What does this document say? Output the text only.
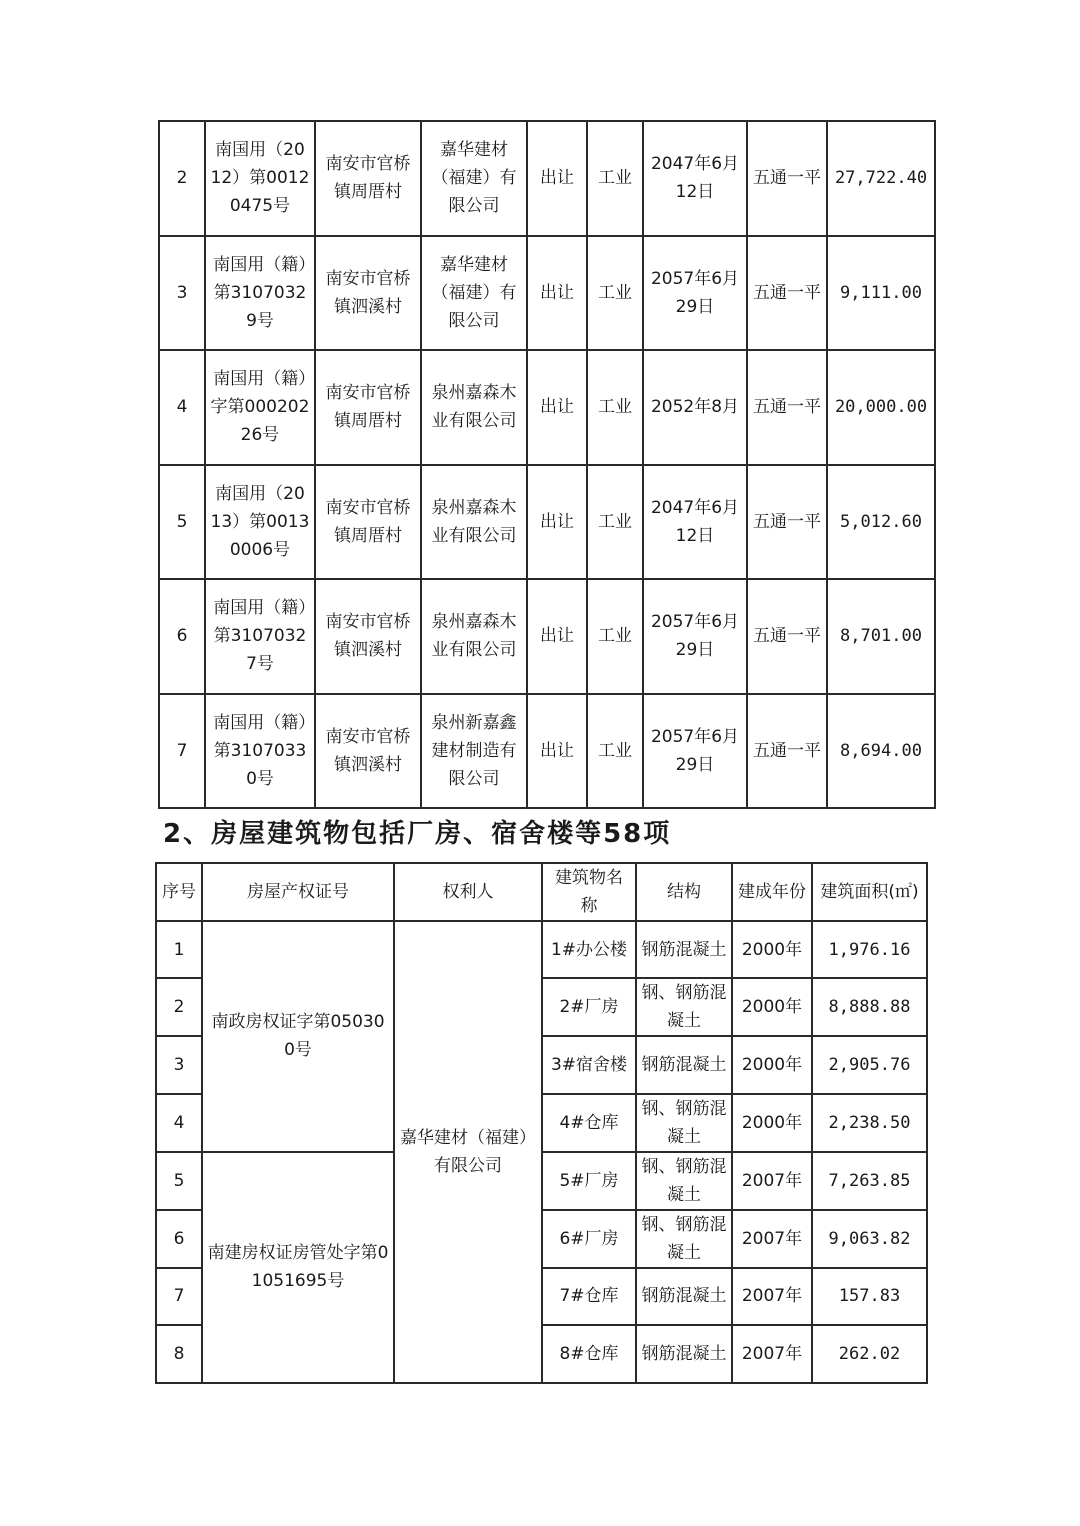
2	南国用（2012）第00120475号	南安市官桥镇周厝村	嘉华建材（福建）有限公司	出让	工业	2047年6月12日	五通一平	27,722.40
3	南国用（籍）第31070329号	南安市官桥镇泗溪村	嘉华建材（福建）有限公司	出让	工业	2057年6月29日	五通一平	9,111.00
4	南国用（籍）字第00020226号	南安市官桥镇周厝村	泉州嘉森木业有限公司	出让	工业	2052年8月	五通一平	20,000.00
5	南国用（2013）第00130006号	南安市官桥镇周厝村	泉州嘉森木业有限公司	出让	工业	2047年6月12日	五通一平	5,012.60
6	南国用（籍）第31070327号	南安市官桥镇泗溪村	泉州嘉森木业有限公司	出让	工业	2057年6月29日	五通一平	8,701.00
7	南国用（籍）第31070330号	南安市官桥镇泗溪村	泉州新嘉鑫建材制造有限公司	出让	工业	2057年6月29日	五通一平	8,694.00
2、房屋建筑物包括厂房、宿舍楼等58项
序号	房屋产权证号	权利人	建筑物名称	结构	建成年份	建筑面积(㎡)
1	南政房权证字第050300号	嘉华建材（福建）有限公司	1#办公楼	钢筋混凝土	2000年	1,976.16
2			2#厂房	钢、钢筋混凝土	2000年	8,888.88
3			3#宿舍楼	钢筋混凝土	2000年	2,905.76
4			4#仓库	钢、钢筋混凝土	2000年	2,238.50
5	南建房权证房管处字第01051695号		5#厂房	钢、钢筋混凝土	2007年	7,263.85
6			6#厂房	钢、钢筋混凝土	2007年	9,063.82
7			7#仓库	钢筋混凝土	2007年	157.83
8			8#仓库	钢筋混凝土	2007年	262.02
